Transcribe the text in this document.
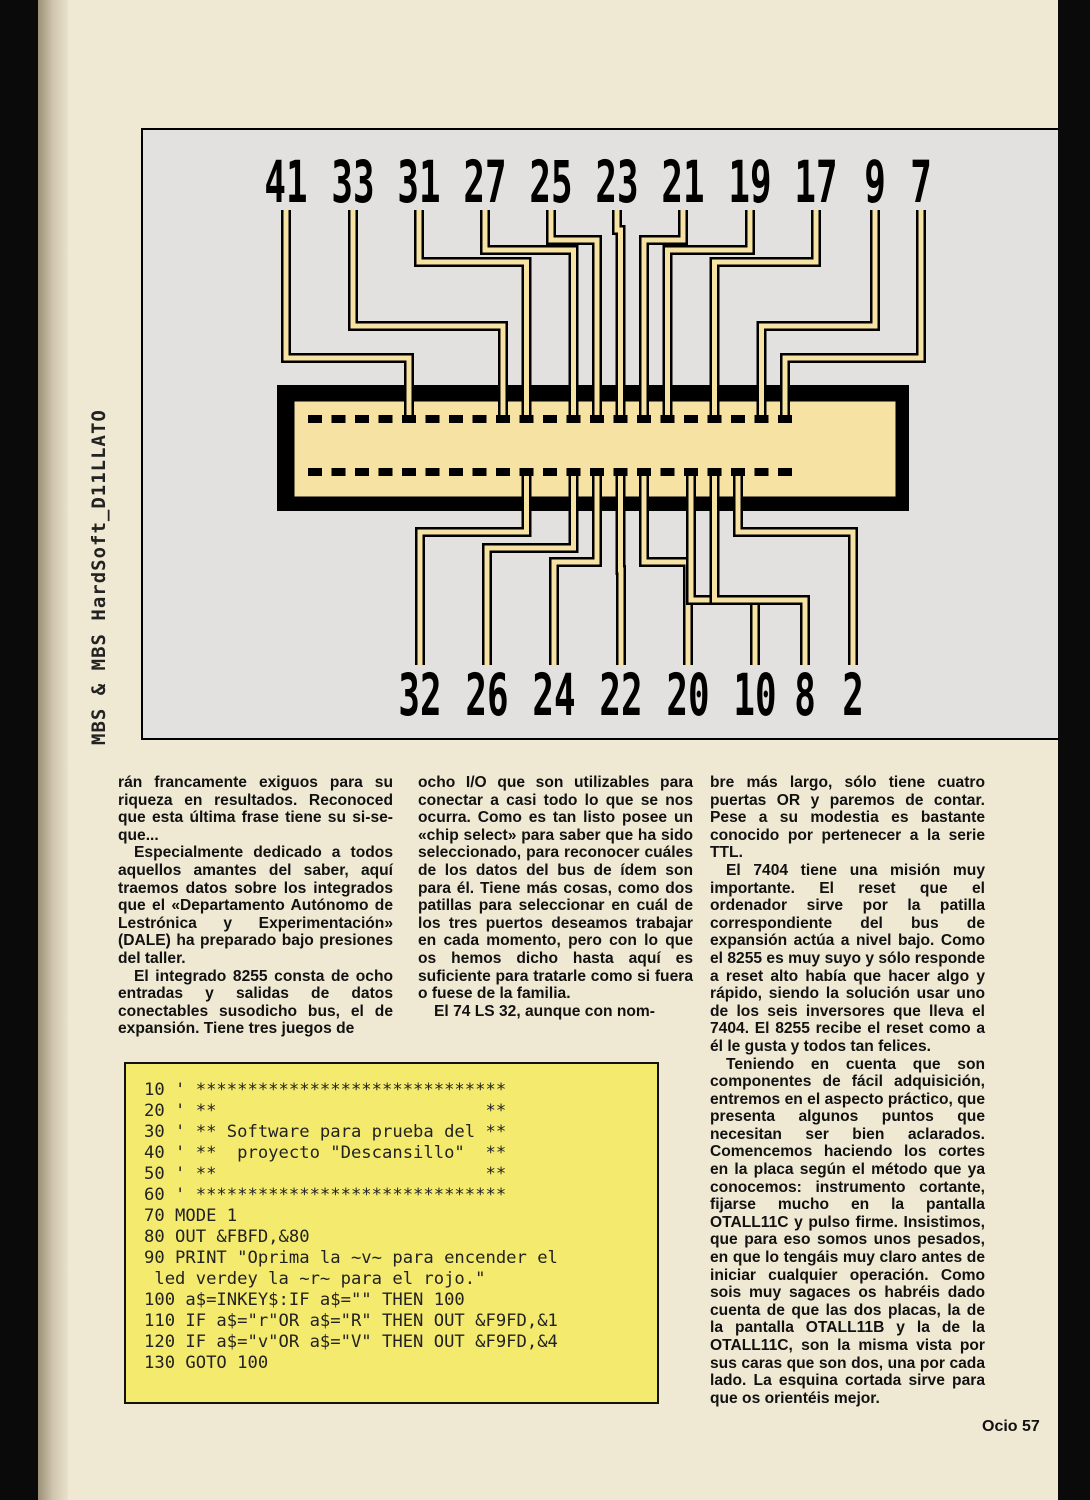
MBS & MBS HardSoft_D11LLATO
41 33 31 27 25 23 21 19 17 9 7
32 26 24 22 20 10 8 2

rán francamente exiguos para su riqueza en resultados. Reconoced que esta última frase tiene su si-se-que...

Especialmente dedicado a todos aquellos amantes del saber, aquí traemos datos sobre los integrados que el «Departamento Autónomo de Lestrónica y Experimentación» (DALE) ha preparado bajo presiones del taller.

El integrado 8255 consta de ocho entradas y salidas de datos conectables susodicho bus, el de expansión. Tiene tres juegos de

ocho I/O que son utilizables para conectar a casi todo lo que se nos ocurra. Como es tan listo posee un «chip select» para saber que ha sido seleccionado, para reconocer cuáles de los datos del bus de ídem son para él. Tiene más cosas, como dos patillas para seleccionar en cuál de los tres puertos deseamos trabajar en cada momento, pero con lo que os hemos dicho hasta aquí es suficiente para tratarle como si fuera o fuese de la familia.

El 74 LS 32, aunque con nom-

bre más largo, sólo tiene cuatro puertas OR y paremos de contar. Pese a su modestia es bastante conocido por pertenecer a la serie TTL.

El 7404 tiene una misión muy importante. El reset que el ordenador sirve por la patilla correspondiente del bus de expansión actúa a nivel bajo. Como el 8255 es muy suyo y sólo responde a reset alto había que hacer algo y rápido, siendo la solución usar uno de los seis inversores que lleva el 7404. El 8255 recibe el reset como a él le gusta y todos tan felices.

Teniendo en cuenta que son componentes de fácil adquisición, entremos en el aspecto práctico, que presenta algunos puntos que necesitan ser bien aclarados. Comencemos haciendo los cortes en la placa según el método que ya conocemos: instrumento cortante, fijarse mucho en la pantalla OTALL11C y pulso firme. Insistimos, que para eso somos unos pesados, en que lo tengáis muy claro antes de iniciar cualquier operación. Como sois muy sagaces os habréis dado cuenta de que las dos placas, la de la pantalla OTALL11B y la de la OTALL11C, son la misma vista por sus caras que son dos, una por cada lado. La esquina cortada sirve para que os orientéis mejor.

10 ' ******************************
20 ' **                          **
30 ' ** Software para prueba del **
40 ' **  proyecto "Descansillo"  **
50 ' **                          **
60 ' ******************************
70 MODE 1
80 OUT &FBFD,&80
90 PRINT "Oprima la ~v~ para encender el
led verdey la ~r~ para el rojo."
100 a$=INKEY$:IF a$="" THEN 100
110 IF a$="r"OR a$="R" THEN OUT &F9FD,&1
120 IF a$="v"OR a$="V" THEN OUT &F9FD,&4
130 GOTO 100
Ocio 57
